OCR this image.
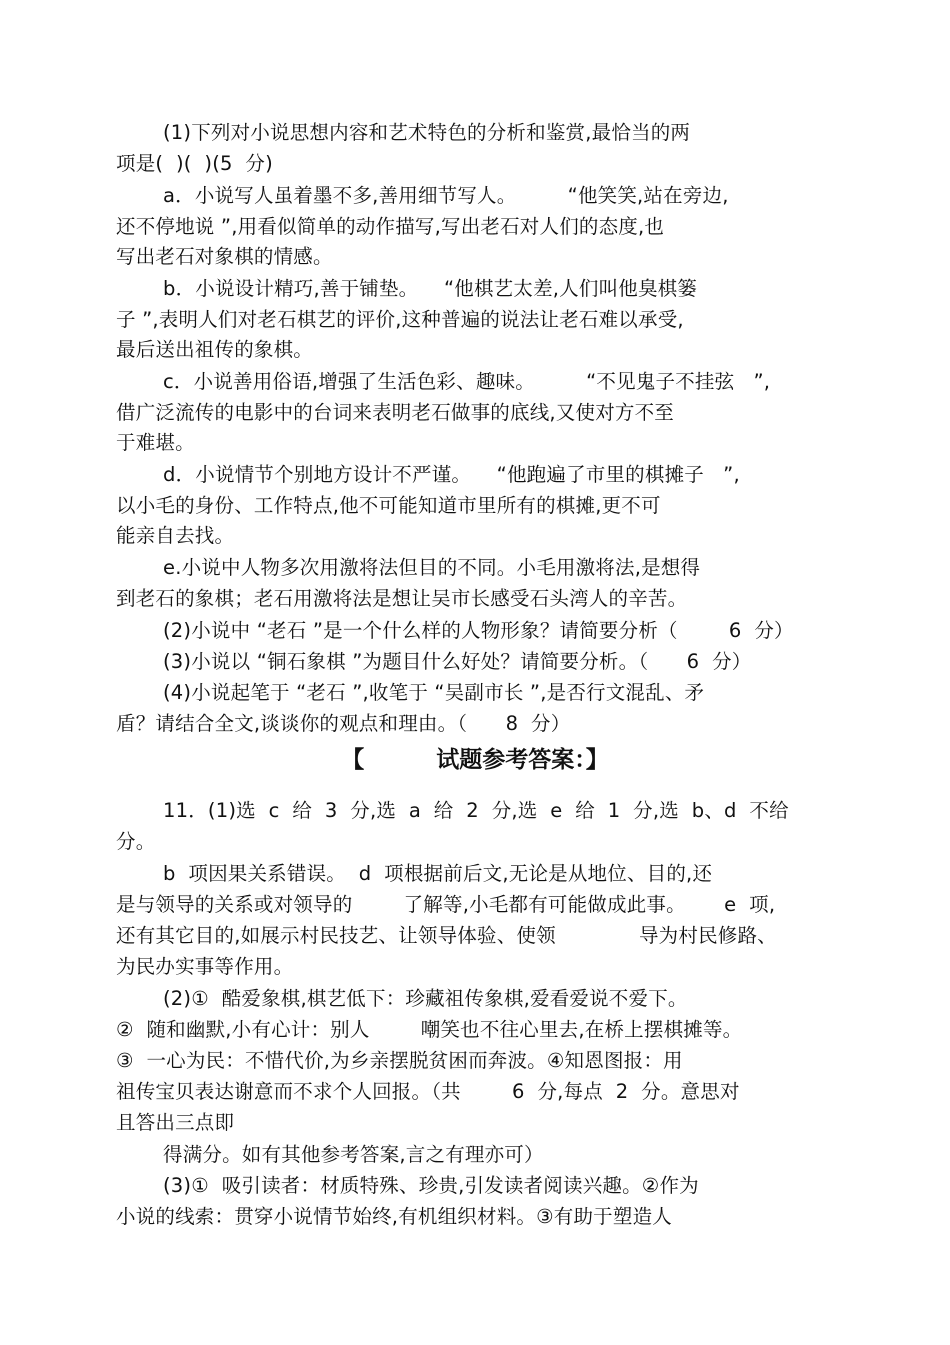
(1)下列对小说思想内容和艺术特色的分析和鉴赏,最恰当的两
项是(  )(  )(5  分)
a．小说写人虽着墨不多,善用细节写人。        “他笑笑,站在旁边,
还不停地说 ”,用看似简单的动作描写,写出老石对人们的态度,也
写出老石对象棋的情感。
b．小说设计精巧,善于铺垫。    “他棋艺太差,人们叫他臭棋篓
子 ”,表明人们对老石棋艺的评价,这种普遍的说法让老石难以承受,
最后送出祖传的象棋。
c．小说善用俗语,增强了生活色彩、趣味。        “不见鬼子不挂弦   ”,
借广泛流传的电影中的台词来表明老石做事的底线,又使对方不至
于难堪。
d．小说情节个别地方设计不严谨。    “他跑遍了市里的棋摊子   ”,
以小毛的身份、工作特点,他不可能知道市里所有的棋摊,更不可
能亲自去找。
e.小说中人物多次用激将法但目的不同。小毛用激将法,是想得
到老石的象棋；老石用激将法是想让吴市长感受石头湾人的辛苦。
(2)小说中 “老石 ”是一个什么样的人物形象？请简要分析（        6  分）
(3)小说以 “铜石象棋 ”为题目什么好处？请简要分析。（      6  分）
(4)小说起笔于 “老石 ”,收笔于 “吴副市长 ”,是否行文混乱、矛
盾？请结合全文,谈谈你的观点和理由。（      8  分）
【         试题参考答案：】
11．(1)选  c  给  3  分,选  a  给  2  分,选  e  给  1  分,选  b、d  不给
分。
b  项因果关系错误。  d  项根据前后文,无论是从地位、目的,还
是与领导的关系或对领导的        了解等,小毛都有可能做成此事。      e  项,
还有其它目的,如展示村民技艺、让领导体验、使领             导为村民修路、
为民办实事等作用。
(2)①  酷爱象棋,棋艺低下：珍藏祖传象棋,爱看爱说不爱下。
②  随和幽默,小有心计：别人        嘲笑也不往心里去,在桥上摆棋摊等。
③  一心为民：不惜代价,为乡亲摆脱贫困而奔波。④知恩图报：用
祖传宝贝表达谢意而不求个人回报。（共        6  分,每点  2  分。意思对
且答出三点即
得满分。如有其他参考答案,言之有理亦可）
(3)①  吸引读者：材质特殊、珍贵,引发读者阅读兴趣。②作为
小说的线索：贯穿小说情节始终,有机组织材料。③有助于塑造人
